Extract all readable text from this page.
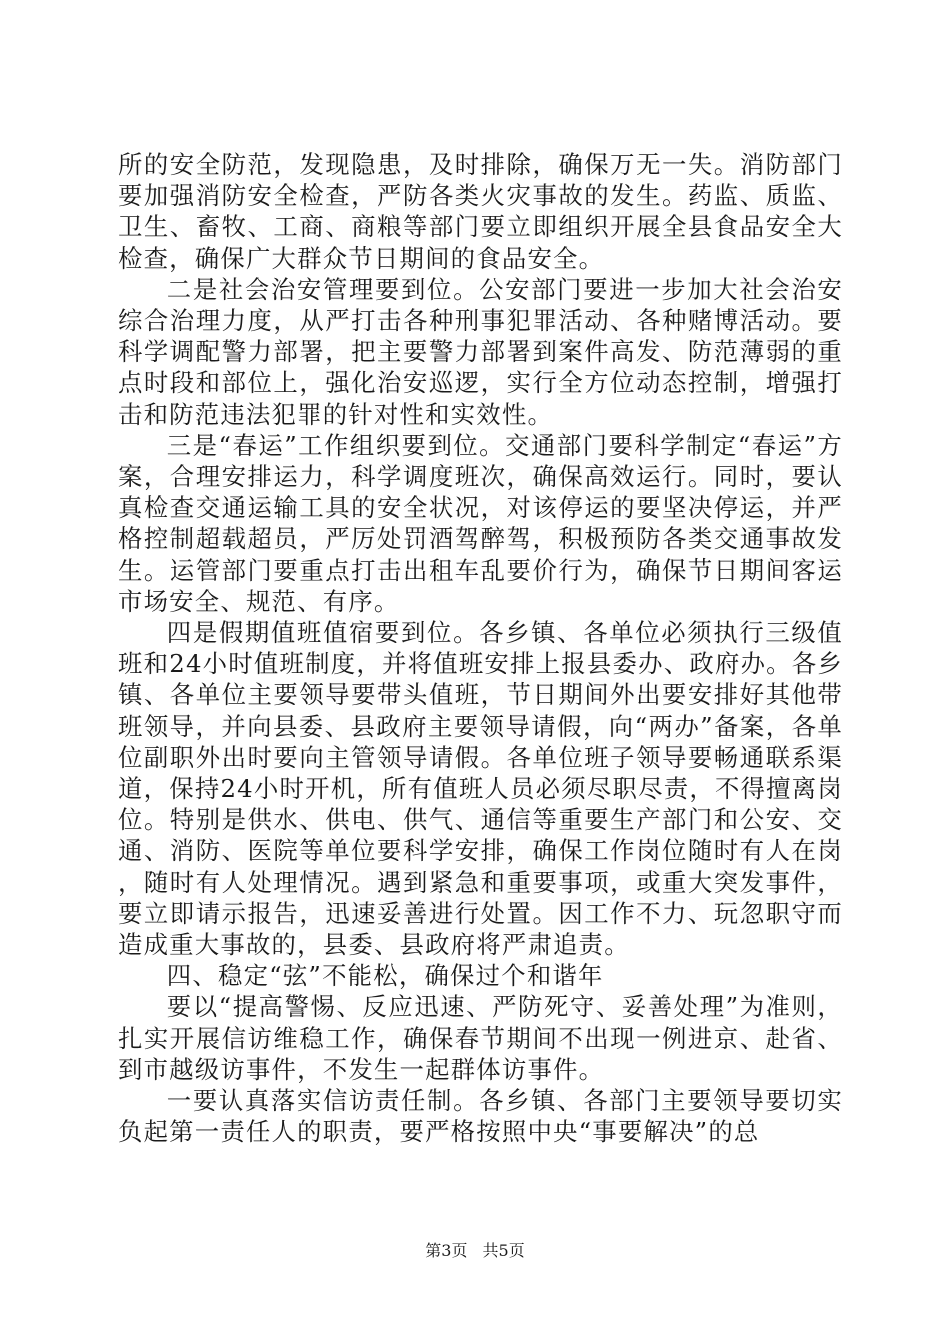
所的安全防范，发现隐患，及时排除，确保万无一失。消防部门要加强消防安全检查，严防各类火灾事故的发生。药监、质监、卫生、畜牧、工商、商粮等部门要立即组织开展全县食品安全大检查，确保广大群众节日期间的食品安全。

二是社会治安管理要到位。公安部门要进一步加大社会治安综合治理力度，从严打击各种刑事犯罪活动、各种赌博活动。要科学调配警力部署，把主要警力部署到案件高发、防范薄弱的重点时段和部位上，强化治安巡逻，实行全方位动态控制，增强打击和防范违法犯罪的针对性和实效性。

三是“春运”工作组织要到位。交通部门要科学制定“春运”方案，合理安排运力，科学调度班次，确保高效运行。同时，要认真检查交通运输工具的安全状况，对该停运的要坚决停运，并严格控制超载超员，严厉处罚酒驾醉驾，积极预防各类交通事故发生。运管部门要重点打击出租车乱要价行为，确保节日期间客运市场安全、规范、有序。

四是假期值班值宿要到位。各乡镇、各单位必须执行三级值班和24小时值班制度，并将值班安排上报县委办、政府办。各乡镇、各单位主要领导要带头值班，节日期间外出要安排好其他带班领导，并向县委、县政府主要领导请假，向“两办”备案，各单位副职外出时要向主管领导请假。各单位班子领导要畅通联系渠道，保持24小时开机，所有值班人员必须尽职尽责，不得擅离岗位。特别是供水、供电、供气、通信等重要生产部门和公安、交通、消防、医院等单位要科学安排，确保工作岗位随时有人在岗，随时有人处理情况。遇到紧急和重要事项，或重大突发事件，要立即请示报告，迅速妥善进行处置。因工作不力、玩忽职守而造成重大事故的，县委、县政府将严肃追责。

四、稳定“弦”不能松，确保过个和谐年

要以“提高警惕、反应迅速、严防死守、妥善处理”为准则，扎实开展信访维稳工作，确保春节期间不出现一例进京、赴省、到市越级访事件，不发生一起群体访事件。

一要认真落实信访责任制。各乡镇、各部门主要领导要切实负起第一责任人的职责，要严格按照中央“事要解决”的总

第3页 共5页
